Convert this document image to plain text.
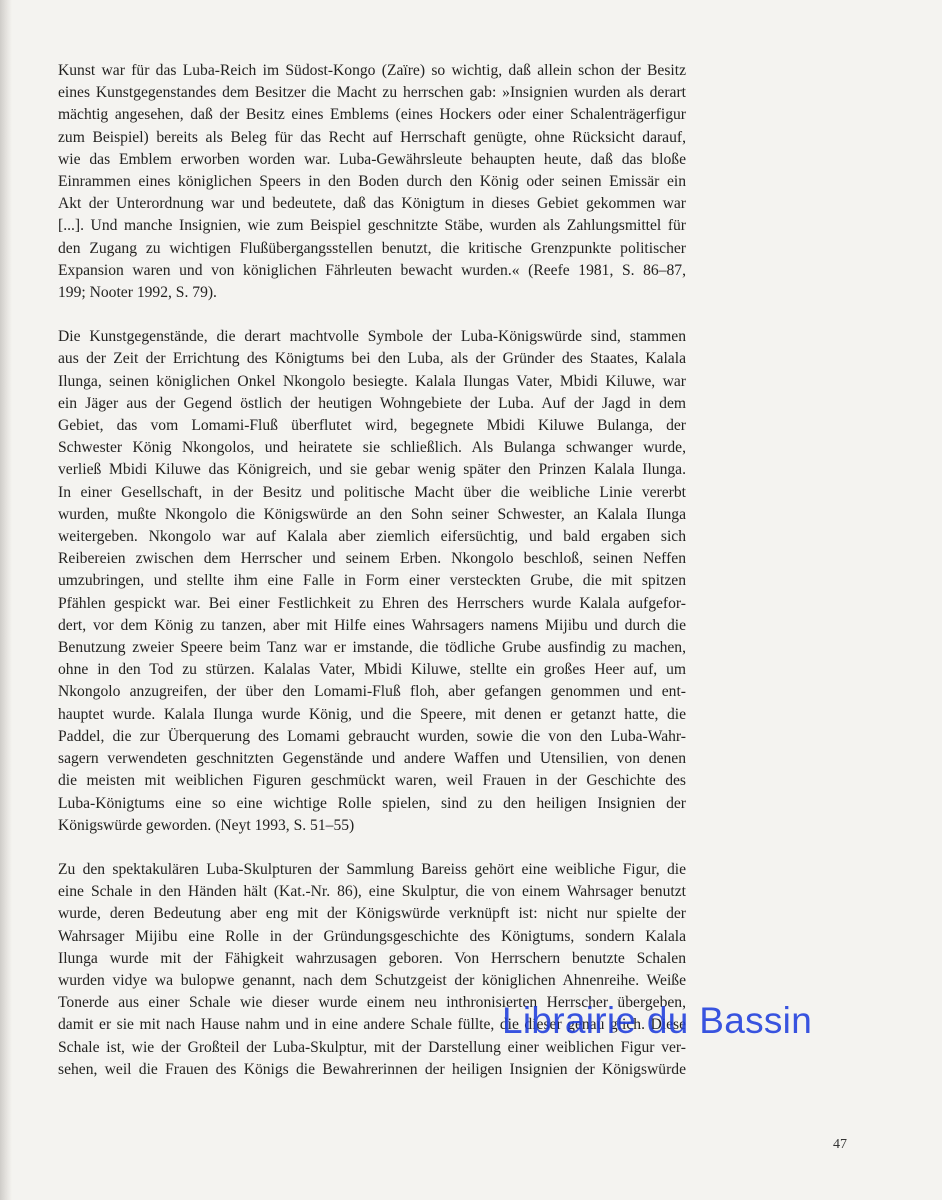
Kunst war für das Luba-Reich im Südost-Kongo (Zaïre) so wichtig, daß allein schon der Besitz
eines Kunstgegenstandes dem Besitzer die Macht zu herrschen gab: »Insignien wurden als derart
mächtig angesehen, daß der Besitz eines Emblems (eines Hockers oder einer Schalenträgerfigur
zum Beispiel) bereits als Beleg für das Recht auf Herrschaft genügte, ohne Rücksicht darauf,
wie das Emblem erworben worden war. Luba-Gewährsleute behaupten heute, daß das bloße
Einrammen eines königlichen Speers in den Boden durch den König oder seinen Emissär ein
Akt der Unterordnung war und bedeutete, daß das Königtum in dieses Gebiet gekommen war
[...]. Und manche Insignien, wie zum Beispiel geschnitzte Stäbe, wurden als Zahlungsmittel für
den Zugang zu wichtigen Flußübergangsstellen benutzt, die kritische Grenzpunkte politischer
Expansion waren und von königlichen Fährleuten bewacht wurden.« (Reefe 1981, S. 86–87,
199; Nooter 1992, S. 79).

Die Kunstgegenstände, die derart machtvolle Symbole der Luba-Königswürde sind, stammen
aus der Zeit der Errichtung des Königtums bei den Luba, als der Gründer des Staates, Kalala
Ilunga, seinen königlichen Onkel Nkongolo besiegte. Kalala Ilungas Vater, Mbidi Kiluwe, war
ein Jäger aus der Gegend östlich der heutigen Wohngebiete der Luba. Auf der Jagd in dem
Gebiet, das vom Lomami-Fluß überflutet wird, begegnete Mbidi Kiluwe Bulanga, der
Schwester König Nkongolos, und heiratete sie schließlich. Als Bulanga schwanger wurde,
verließ Mbidi Kiluwe das Königreich, und sie gebar wenig später den Prinzen Kalala Ilunga.
In einer Gesellschaft, in der Besitz und politische Macht über die weibliche Linie vererbt
wurden, mußte Nkongolo die Königswürde an den Sohn seiner Schwester, an Kalala Ilunga
weitergeben. Nkongolo war auf Kalala aber ziemlich eifersüchtig, und bald ergaben sich
Reibereien zwischen dem Herrscher und seinem Erben. Nkongolo beschloß, seinen Neffen
umzubringen, und stellte ihm eine Falle in Form einer versteckten Grube, die mit spitzen
Pfählen gespickt war. Bei einer Festlichkeit zu Ehren des Herrschers wurde Kalala aufgefor-
dert, vor dem König zu tanzen, aber mit Hilfe eines Wahrsagers namens Mijibu und durch die
Benutzung zweier Speere beim Tanz war er imstande, die tödliche Grube ausfindig zu machen,
ohne in den Tod zu stürzen. Kalalas Vater, Mbidi Kiluwe, stellte ein großes Heer auf, um
Nkongolo anzugreifen, der über den Lomami-Fluß floh, aber gefangen genommen und ent-
hauptet wurde. Kalala Ilunga wurde König, und die Speere, mit denen er getanzt hatte, die
Paddel, die zur Überquerung des Lomami gebraucht wurden, sowie die von den Luba-Wahr-
sagern verwendeten geschnitzten Gegenstände und andere Waffen und Utensilien, von denen
die meisten mit weiblichen Figuren geschmückt waren, weil Frauen in der Geschichte des
Luba-Königtums eine so eine wichtige Rolle spielen, sind zu den heiligen Insignien der
Königswürde geworden. (Neyt 1993, S. 51–55)

Zu den spektakulären Luba-Skulpturen der Sammlung Bareiss gehört eine weibliche Figur, die
eine Schale in den Händen hält (Kat.-Nr. 86), eine Skulptur, die von einem Wahrsager benutzt
wurde, deren Bedeutung aber eng mit der Königswürde verknüpft ist: nicht nur spielte der
Wahrsager Mijibu eine Rolle in der Gründungsgeschichte des Königtums, sondern Kalala
Ilunga wurde mit der Fähigkeit wahrzusagen geboren. Von Herrschern benutzte Schalen
wurden vidye wa bulopwe genannt, nach dem Schutzgeist der königlichen Ahnenreihe. Weiße
Tonerde aus einer Schale wie dieser wurde einem neu inthronisierten Herrscher übergeben,
damit er sie mit nach Hause nahm und in eine andere Schale füllte, die dieser genau glich. Diese
Schale ist, wie der Großteil der Luba-Skulptur, mit der Darstellung einer weiblichen Figur ver-
sehen, weil die Frauen des Königs die Bewahrerinnen der heiligen Insignien der Königswürde

Librairie du Bassin
47
